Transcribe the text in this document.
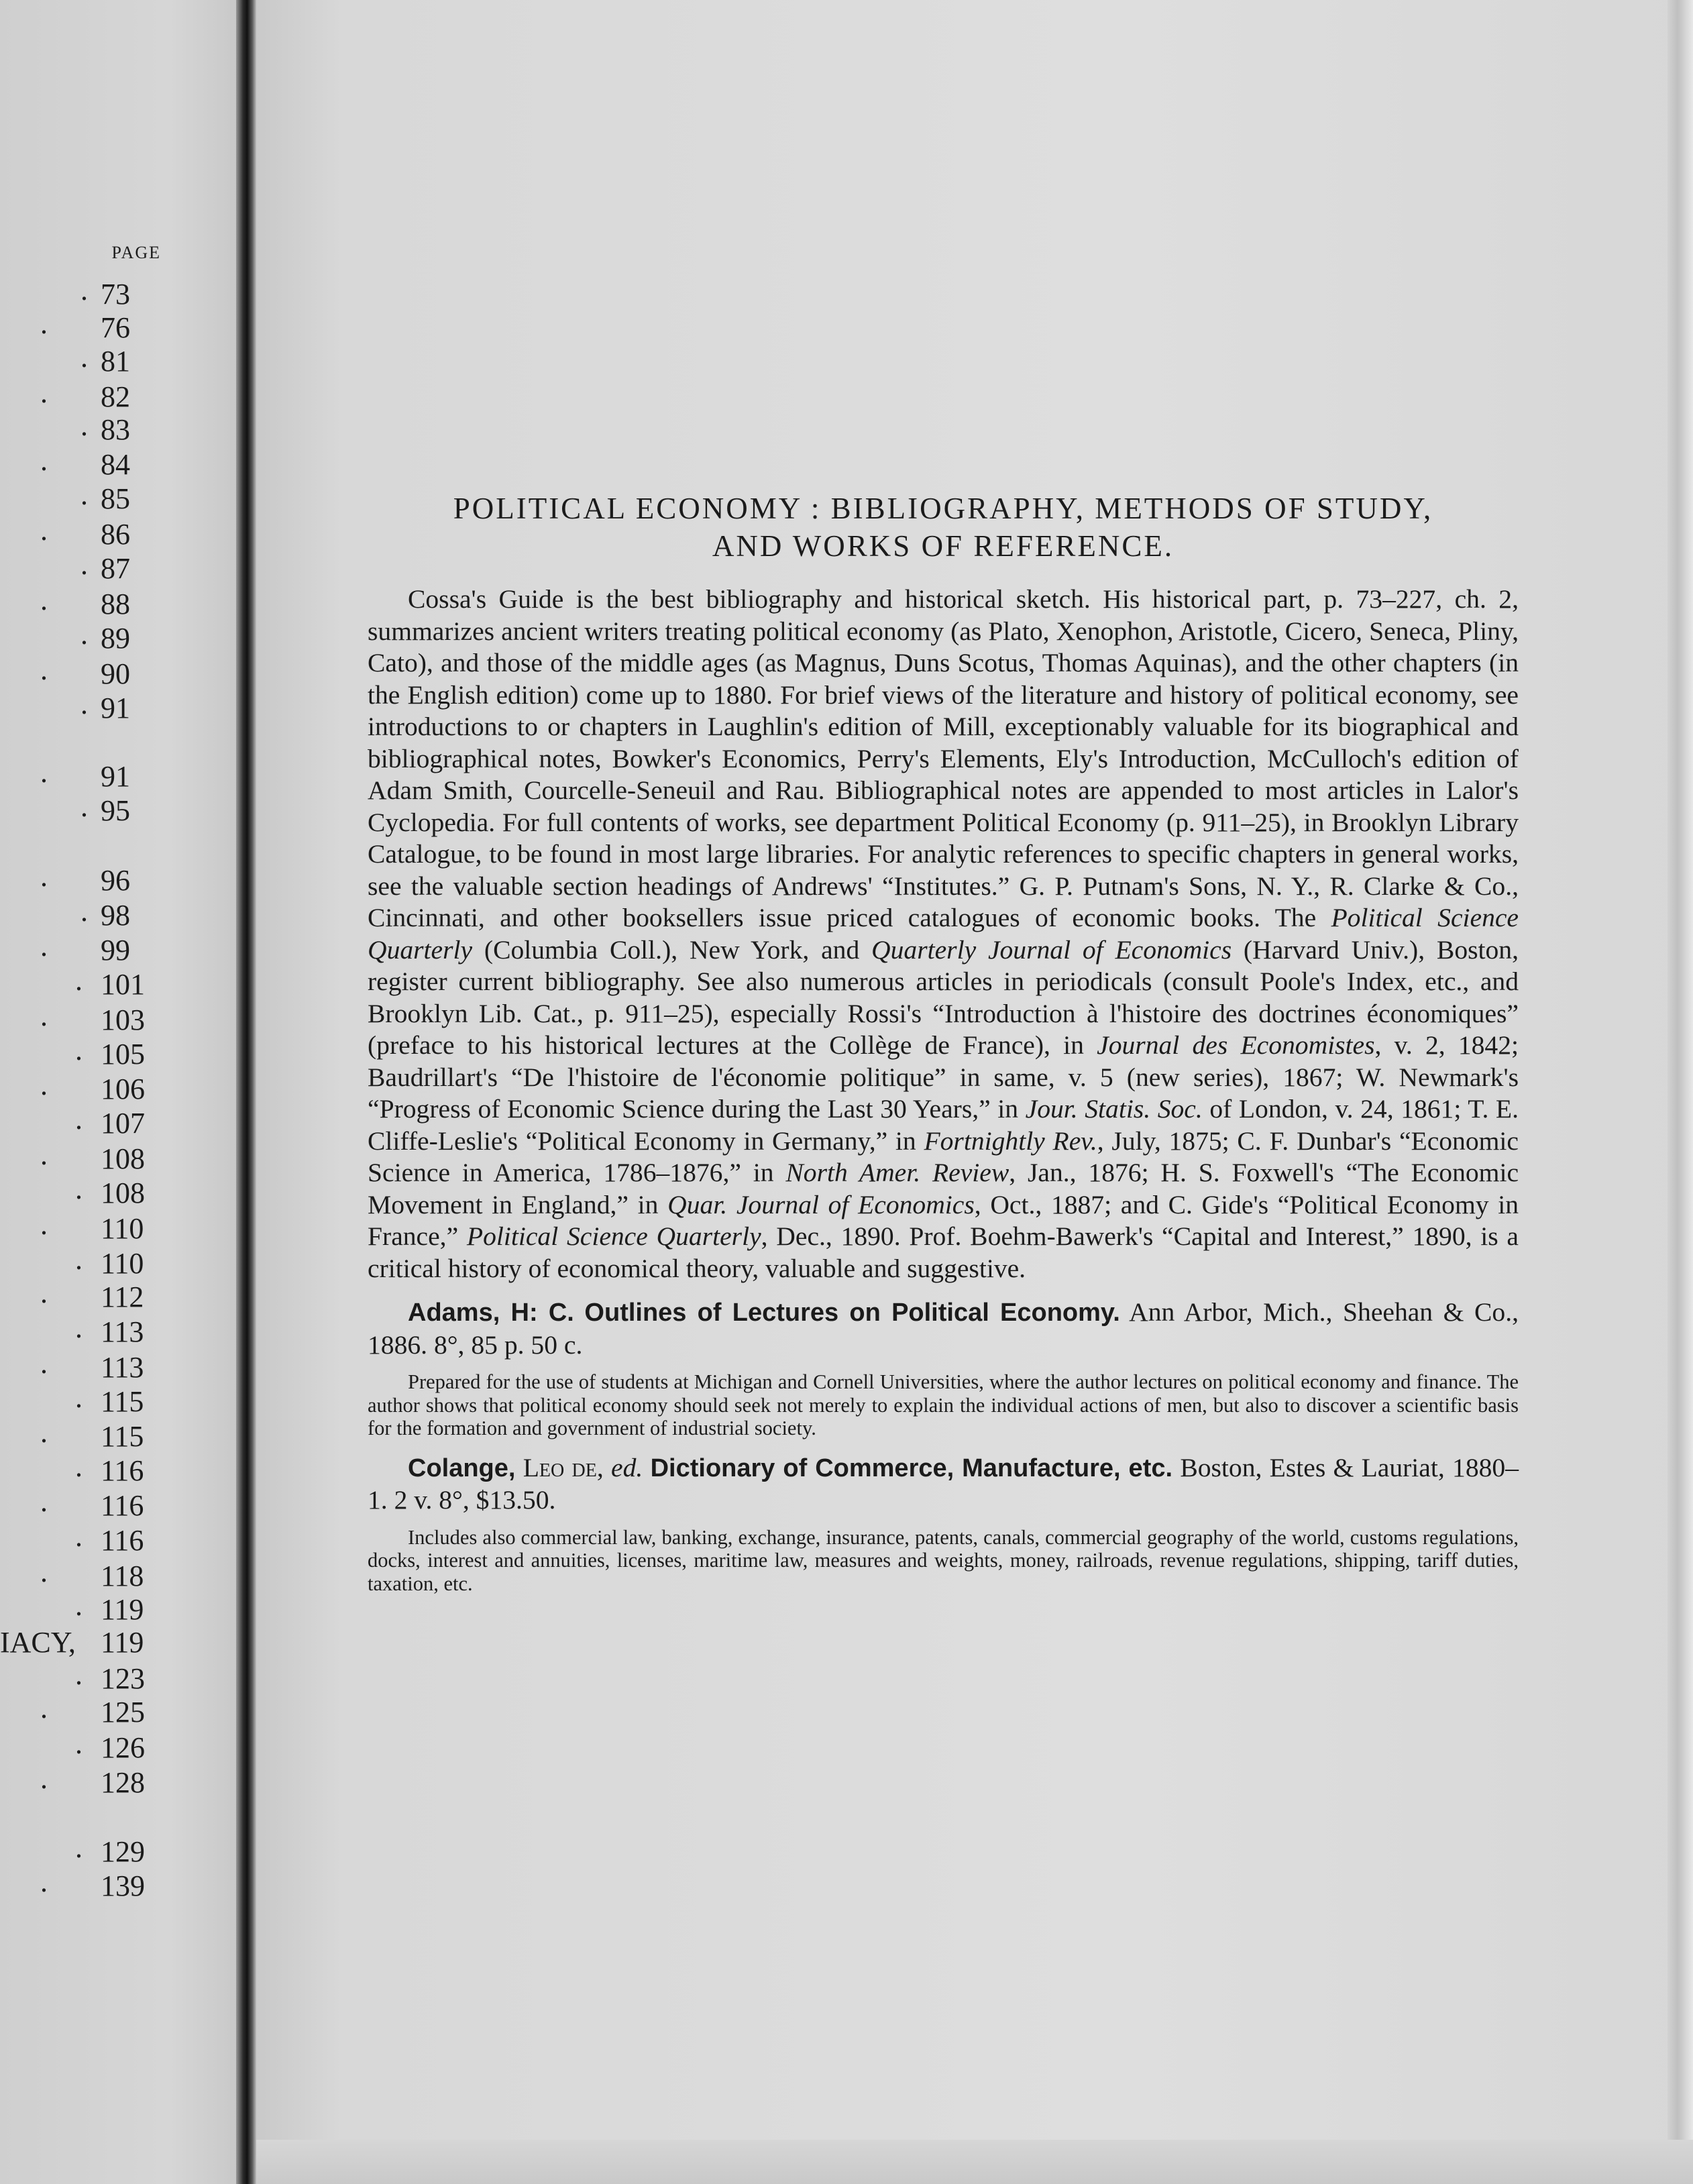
PAGE
. 73
. 76
. 81
. 82
. 83
. 84
. 85
. 86
. 87
. 88
. 89
. 90
. 91
. 91
. 95
. 96
. 98
. 99
. 101
. 103
. 105
. 106
. 107
. 108
. 108
. 110
. 110
. 112
. 113
. 113
. 115
. 115
. 116
. 116
. 116
. 118
. 119
IACY, 119
. 123
. 125
. 126
. 128
. 129
. 139
POLITICAL ECONOMY : BIBLIOGRAPHY, METHODS OF STUDY,
AND WORKS OF REFERENCE.

Cossa's Guide is the best bibliography and historical sketch. His historical part, p. 73–227, ch. 2, summarizes ancient writers treating political economy (as Plato, Xenophon, Aristotle, Cicero, Seneca, Pliny, Cato), and those of the middle ages (as Magnus, Duns Scotus, Thomas Aquinas), and the other chapters (in the English edition) come up to 1880. For brief views of the literature and history of political economy, see introductions to or chapters in Laughlin's edition of Mill, exceptionably valuable for its biographical and bibliographical notes, Bowker's Economics, Perry's Elements, Ely's Introduction, McCulloch's edition of Adam Smith, Courcelle-Seneuil and Rau. Bibliographical notes are appended to most articles in Lalor's Cyclopedia. For full contents of works, see department Political Economy (p. 911–25), in Brooklyn Library Catalogue, to be found in most large libraries. For analytic references to specific chapters in general works, see the valuable section headings of Andrews' “Institutes.” G. P. Putnam's Sons, N. Y., R. Clarke & Co., Cincinnati, and other booksellers issue priced catalogues of economic books. The Political Science Quarterly (Columbia Coll.), New York, and Quarterly Journal of Economics (Harvard Univ.), Boston, register current bibliography. See also numerous articles in periodicals (consult Poole's Index, etc., and Brooklyn Lib. Cat., p. 911–25), especially Rossi's “Introduction à l'histoire des doctrines économiques” (preface to his historical lectures at the Collège de France), in Journal des Economistes, v. 2, 1842; Baudrillart's “De l'histoire de l'économie politique” in same, v. 5 (new series), 1867; W. Newmark's “Progress of Economic Science during the Last 30 Years,” in Jour. Statis. Soc. of London, v. 24, 1861; T. E. Cliffe-Leslie's “Political Economy in Germany,” in Fortnightly Rev., July, 1875; C. F. Dunbar's “Economic Science in America, 1786–1876,” in North Amer. Review, Jan., 1876; H. S. Foxwell's “The Economic Movement in England,” in Quar. Journal of Economics, Oct., 1887; and C. Gide's “Political Economy in France,” Political Science Quarterly, Dec., 1890. Prof. Boehm-Bawerk's “Capital and Interest,” 1890, is a critical history of economical theory, valuable and suggestive.

Adams, H: C. Outlines of Lectures on Political Economy. Ann Arbor, Mich., Sheehan & Co., 1886. 8°, 85 p. 50 c.

Prepared for the use of students at Michigan and Cornell Universities, where the author lectures on political economy and finance. The author shows that political economy should seek not merely to explain the individual actions of men, but also to discover a scientific basis for the formation and government of industrial society.

Colange, Leo de, ed. Dictionary of Commerce, Manufacture, etc. Boston, Estes & Lauriat, 1880–1. 2 v. 8°, $13.50.

Includes also commercial law, banking, exchange, insurance, patents, canals, commercial geography of the world, customs regulations, docks, interest and annuities, licenses, maritime law, measures and weights, money, railroads, revenue regulations, shipping, tariff duties, taxation, etc.
